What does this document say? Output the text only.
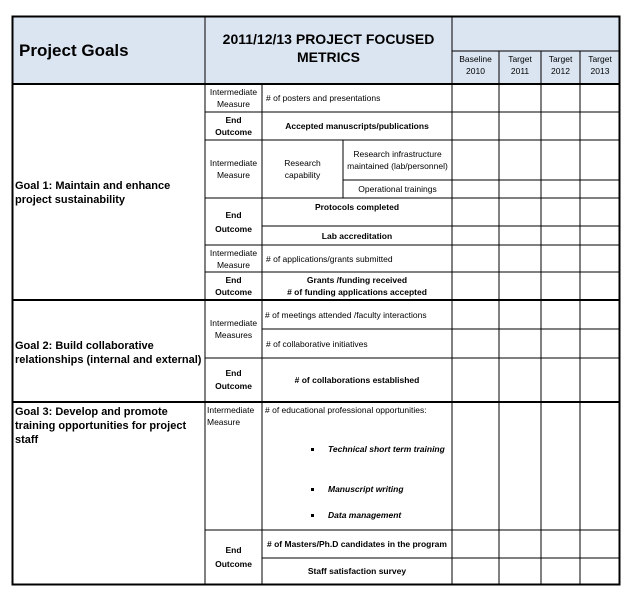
Project Goals
2011/12/13 PROJECT FOCUSED
METRICS	Baseline
2010
Target
2011
Target
2012
Target
2013
Goal 1: Maintain and enhance project sustainability
Intermediate Measure
# of posters and presentations
End
Outcome
Accepted manuscripts/publications
Intermediate Measure
Research capability
Research infrastructure maintained (lab/personnel)
Operational trainings
End
Outcome
Protocols completed
Lab accreditation
Intermediate Measure
# of applications/grants submitted
End
Outcome
Grants /funding received
# of funding applications accepted
Goal 2: Build collaborative relationships (internal and external)
Intermediate Measures
# of meetings attended /faculty interactions
# of collaborative initiatives
End
Outcome
# of collaborations established
Goal 3: Develop and promote training opportunities for project staff
Intermediate Measure
# of educational professional opportunities:
Technical short term training
Manuscript writing
Data management
End
Outcome
# of Masters/Ph.D candidates in the program
Staff satisfaction survey
